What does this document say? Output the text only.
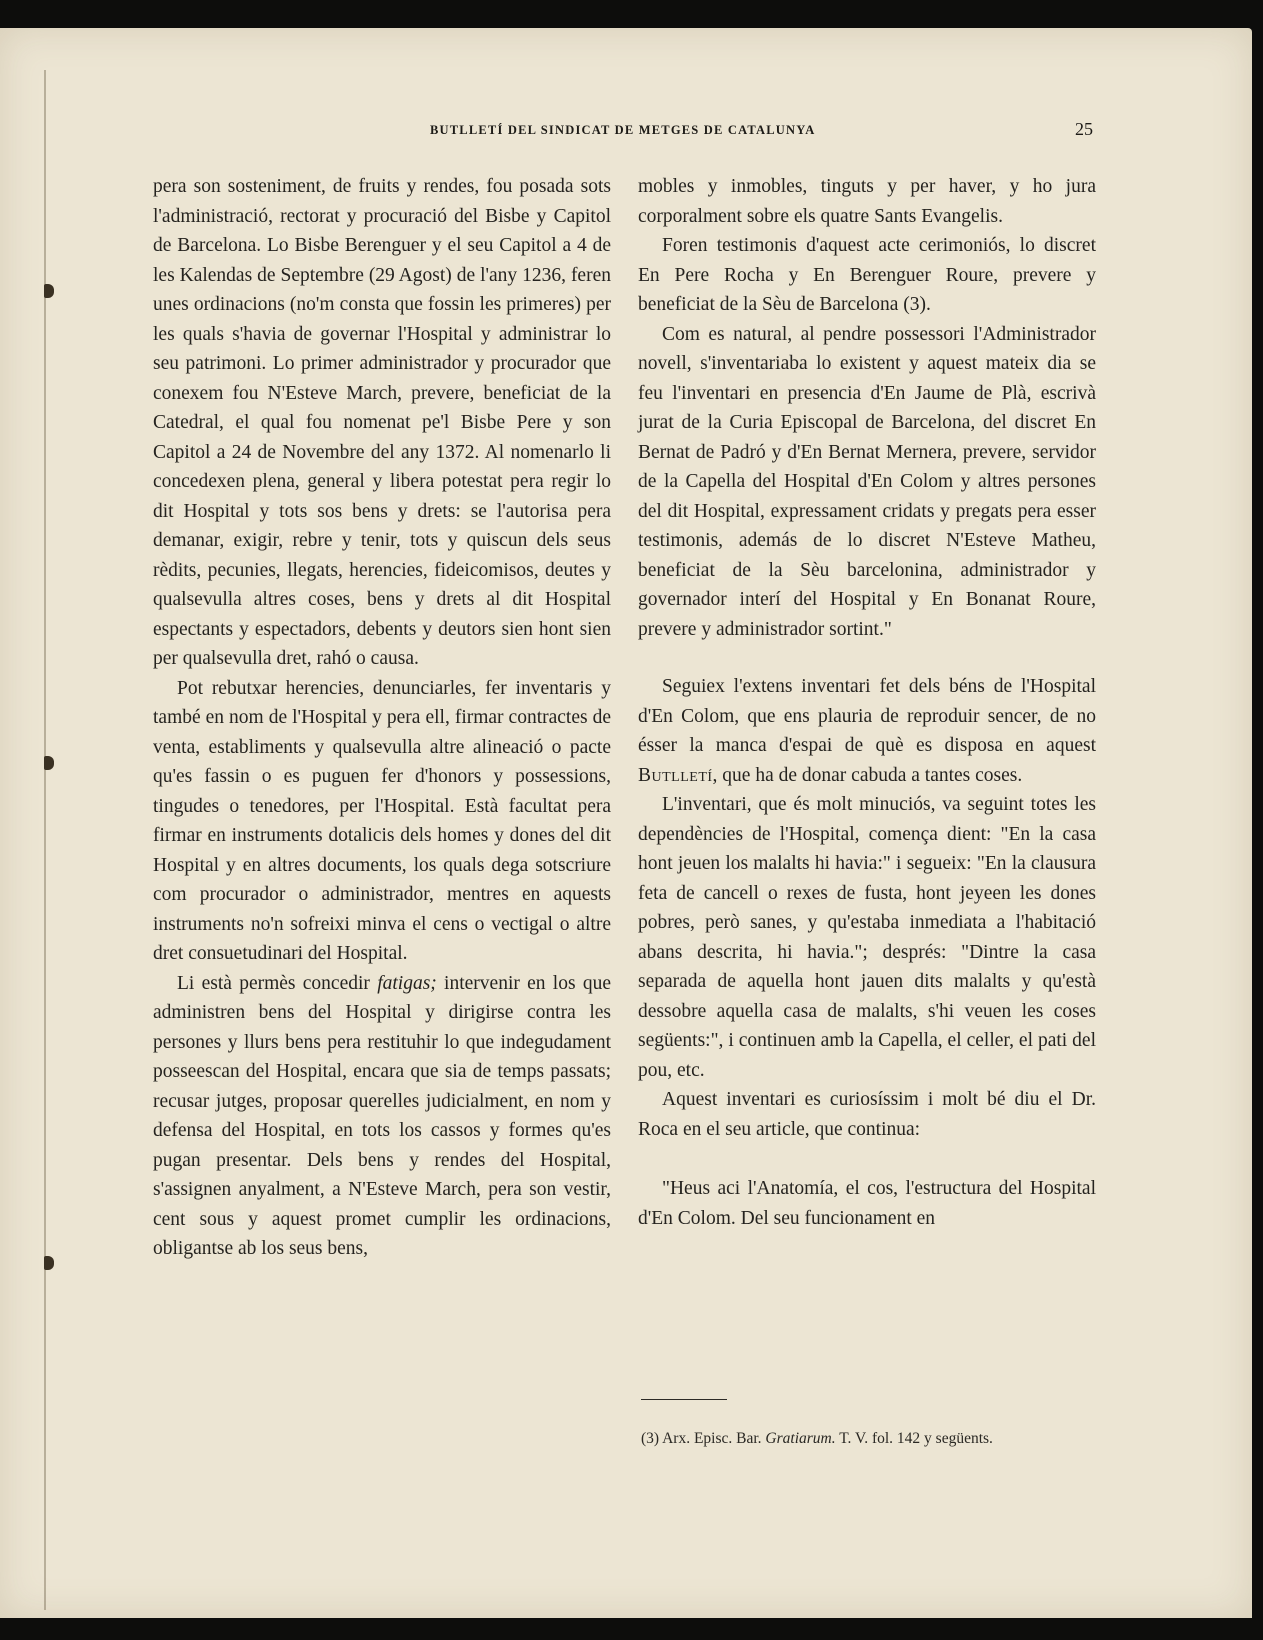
BUTLLETÍ DEL SINDICAT DE METGES DE CATALUNYA	25

pera son sosteniment, de fruits y rendes, fou posada sots l'administració, rectorat y procuració del Bisbe y Capitol de Barcelona. Lo Bisbe Berenguer y el seu Capitol a 4 de les Kalendas de Septembre (29 Agost) de l'any 1236, feren unes ordinacions (no'm consta que fossin les primeres) per les quals s'havia de governar l'Hospital y administrar lo seu patrimoni. Lo primer administrador y procurador que conexem fou N'Esteve March, prevere, beneficiat de la Catedral, el qual fou nomenat pe'l Bisbe Pere y son Capitol a 24 de Novembre del any 1372. Al nomenarlo li concedexen plena, general y libera potestat pera regir lo dit Hospital y tots sos bens y drets: se l'autorisa pera demanar, exigir, rebre y tenir, tots y quiscun dels seus rèdits, pecunies, llegats, herencies, fideicomisos, deutes y qualsevulla altres coses, bens y drets al dit Hospital espectants y espectadors, debents y deutors sien hont sien per qualsevulla dret, rahó o causa.

Pot rebutxar herencies, denunciarles, fer inventaris y també en nom de l'Hospital y pera ell, firmar contractes de venta, establiments y qualsevulla altre alineació o pacte qu'es fassin o es puguen fer d'honors y possessions, tingudes o tenedores, per l'Hospital. Està facultat pera firmar en instruments dotalicis dels homes y dones del dit Hospital y en altres documents, los quals dega sotscriure com procurador o administrador, mentres en aquests instruments no'n sofreixi minva el cens o vectigal o altre dret consuetudinari del Hospital.

Li està permès concedir fatigas; intervenir en los que administren bens del Hospital y dirigirse contra les persones y llurs bens pera restituhir lo que indegudament posseescan del Hospital, encara que sia de temps passats; recusar jutges, proposar querelles judicialment, en nom y defensa del Hospital, en tots los cassos y formes qu'es pugan presentar. Dels bens y rendes del Hospital, s'assignen anyalment, a N'Esteve March, pera son vestir, cent sous y aquest promet cumplir les ordinacions, obligantse ab los seus bens,

mobles y inmobles, tinguts y per haver, y ho jura corporalment sobre els quatre Sants Evangelis.

Foren testimonis d'aquest acte cerimoniós, lo discret En Pere Rocha y En Berenguer Roure, prevere y beneficiat de la Sèu de Barcelona (3).

Com es natural, al pendre possessori l'Administrador novell, s'inventariaba lo existent y aquest mateix dia se feu l'inventari en presencia d'En Jaume de Plà, escrivà jurat de la Curia Episcopal de Barcelona, del discret En Bernat de Padró y d'En Bernat Mernera, prevere, servidor de la Capella del Hospital d'En Colom y altres persones del dit Hospital, expressament cridats y pregats pera esser testimonis, además de lo discret N'Esteve Matheu, beneficiat de la Sèu barcelonina, administrador y governador interí del Hospital y En Bonanat Roure, prevere y administrador sortint."

Seguiex l'extens inventari fet dels béns de l'Hospital d'En Colom, que ens plauria de reproduir sencer, de no ésser la manca d'espai de què es disposa en aquest Butlletí, que ha de donar cabuda a tantes coses.

L'inventari, que és molt minuciós, va seguint totes les dependències de l'Hospital, comença dient: "En la casa hont jeuen los malalts hi havia:" i segueix: "En la clausura feta de cancell o rexes de fusta, hont jeyeen les dones pobres, però sanes, y qu'estaba inmediata a l'habitació abans descrita, hi havia."; després: "Dintre la casa separada de aquella hont jauen dits malalts y qu'està dessobre aquella casa de malalts, s'hi veuen les coses següents:", i continuen amb la Capella, el celler, el pati del pou, etc.

Aquest inventari es curiosíssim i molt bé diu el Dr. Roca en el seu article, que continua:

"Heus aci l'Anatomía, el cos, l'estructura del Hospital d'En Colom. Del seu funcionament en

(3) Arx. Episc. Bar. Gratiarum. T. V. fol. 142 y següents.
